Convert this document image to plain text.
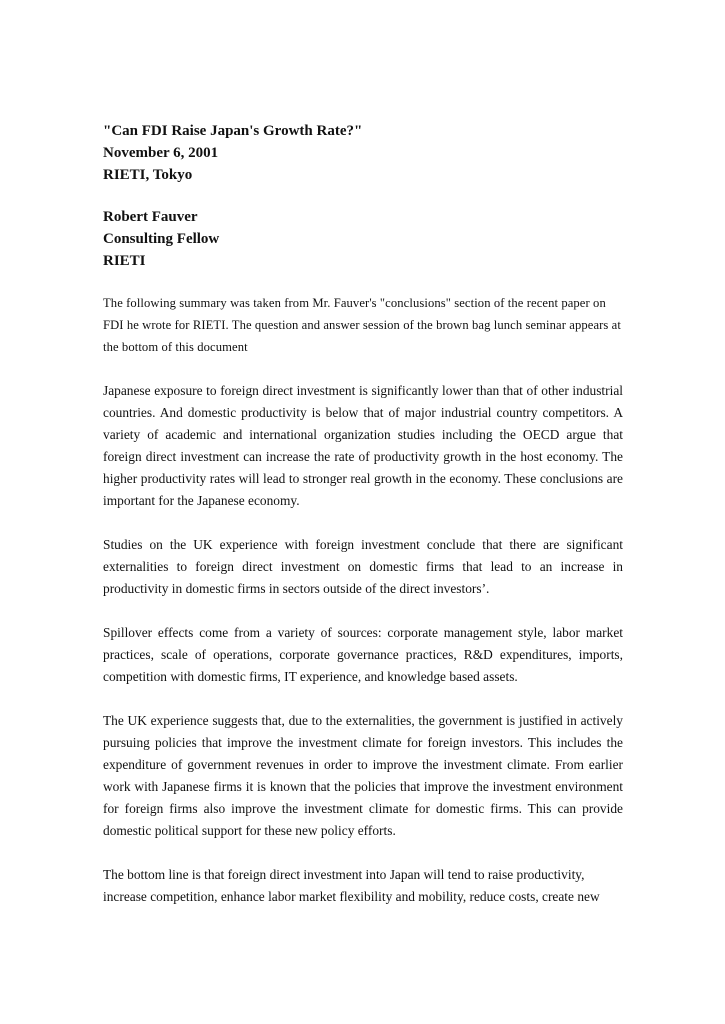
"Can FDI Raise Japan's Growth Rate?"
November 6, 2001
RIETI, Tokyo
Robert Fauver
Consulting Fellow
RIETI

The following summary was taken from Mr. Fauver's "conclusions" section of the recent paper on FDI he wrote for RIETI. The question and answer session of the brown bag lunch seminar appears at the bottom of this document

Japanese exposure to foreign direct investment is significantly lower than that of other industrial countries. And domestic productivity is below that of major industrial country competitors. A variety of academic and international organization studies including the OECD argue that foreign direct investment can increase the rate of productivity growth in the host economy. The higher productivity rates will lead to stronger real growth in the economy. These conclusions are important for the Japanese economy.

Studies on the UK experience with foreign investment conclude that there are significant externalities to foreign direct investment on domestic firms that lead to an increase in productivity in domestic firms in sectors outside of the direct investors’.

Spillover effects come from a variety of sources: corporate management style, labor market practices, scale of operations, corporate governance practices, R&D expenditures, imports, competition with domestic firms, IT experience, and knowledge based assets.

The UK experience suggests that, due to the externalities, the government is justified in actively pursuing policies that improve the investment climate for foreign investors. This includes the expenditure of government revenues in order to improve the investment climate. From earlier work with Japanese firms it is known that the policies that improve the investment environment for foreign firms also improve the investment climate for domestic firms. This can provide domestic political support for these new policy efforts.

The bottom line is that foreign direct investment into Japan will tend to raise productivity, increase competition, enhance labor market flexibility and mobility, reduce costs, create new
